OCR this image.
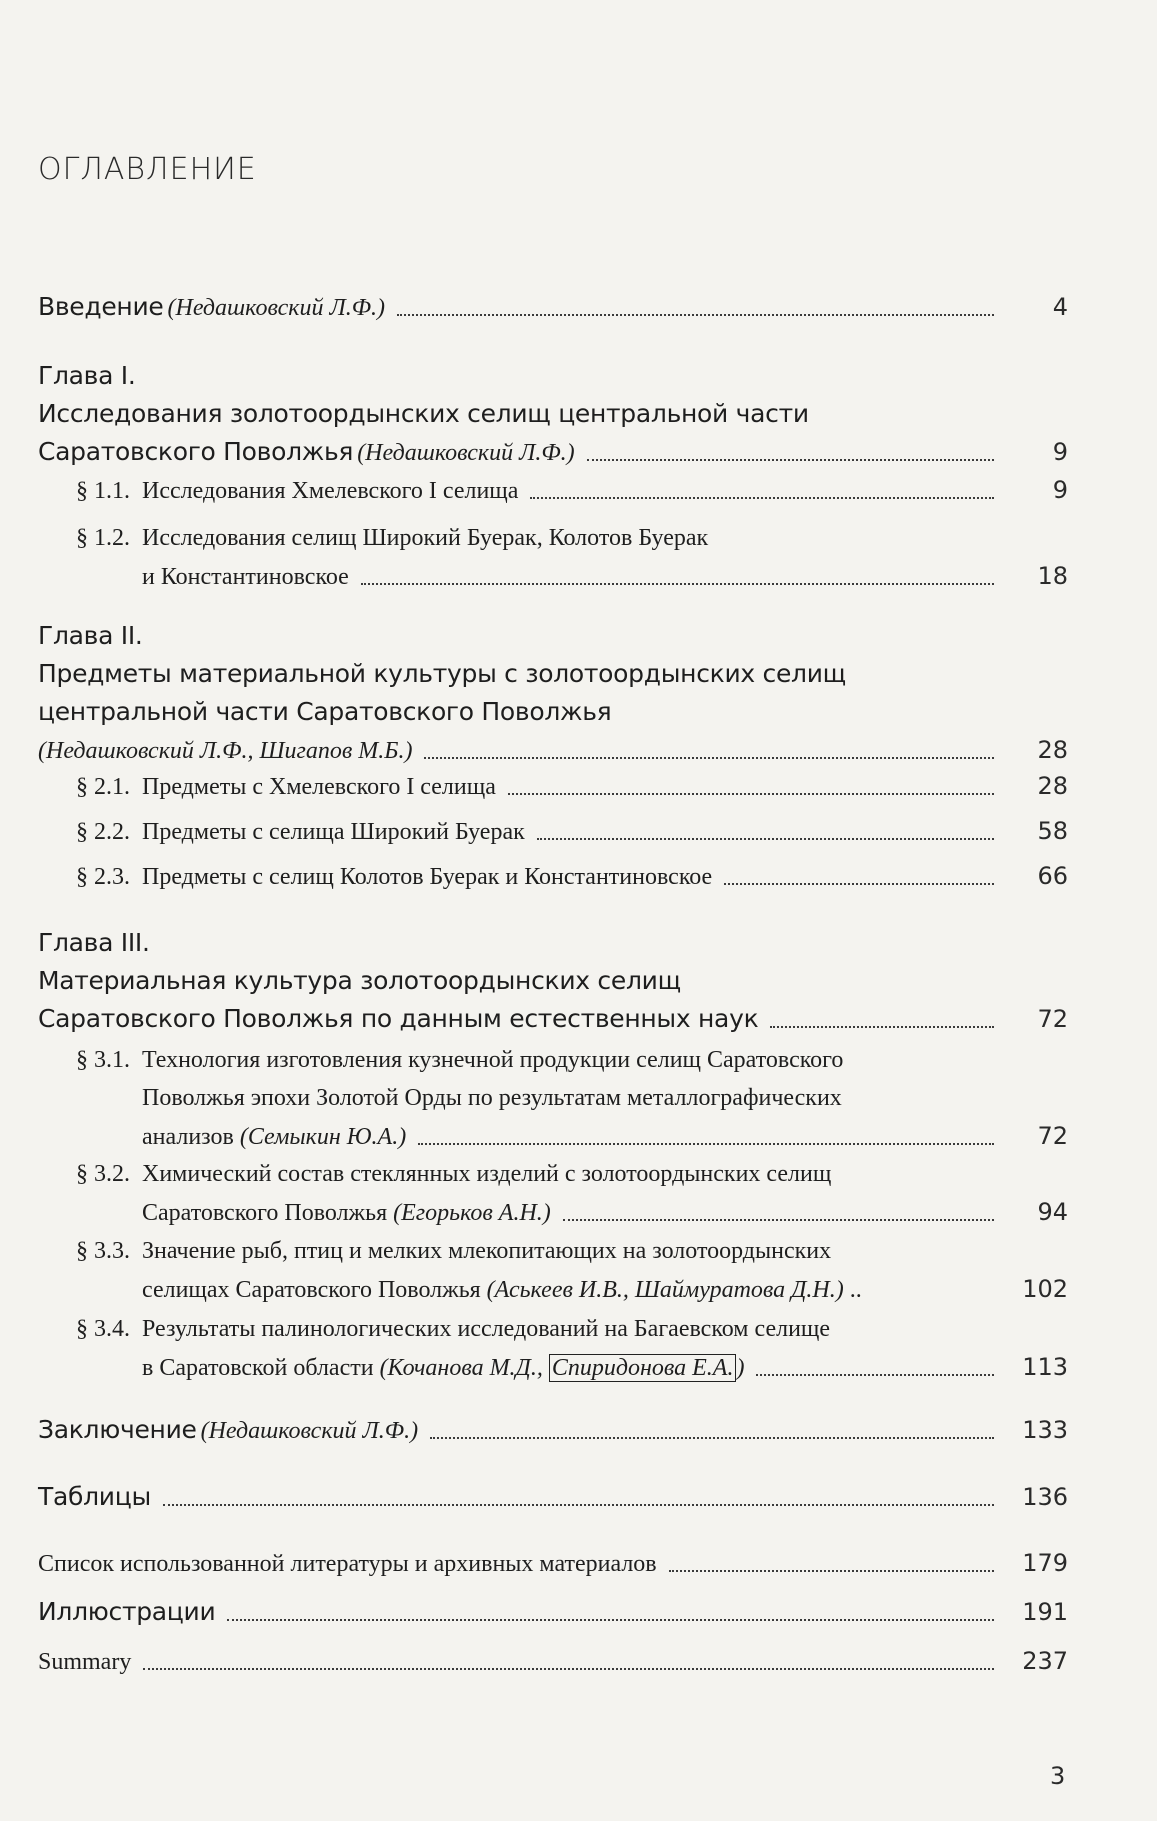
ОГЛАВЛЕНИЕ
Введение (Недашковский Л.Ф.)	4
Глава I.
Исследования золотоордынских селищ центральной части
Саратовского Поволжья (Недашковский Л.Ф.)	9
§ 1.1. Исследования Хмелевского I селища	9
§ 1.2. Исследования селищ Широкий Буерак, Колотов Буерак
и Константиновское	18
Глава II.
Предметы материальной культуры с золотоордынских селищ
центральной части Саратовского Поволжья
(Недашковский Л.Ф., Шигапов М.Б.)	28
§ 2.1. Предметы с Хмелевского I селища	28
§ 2.2. Предметы с селища Широкий Буерак	58
§ 2.3. Предметы с селищ Колотов Буерак и Константиновское	66
Глава III.
Материальная культура золотоордынских селищ
Саратовского Поволжья по данным естественных наук	72
§ 3.1. Технология изготовления кузнечной продукции селищ Саратовского
Поволжья эпохи Золотой Орды по результатам металлографических
анализов (Семыкин Ю.А.)	72
§ 3.2. Химический состав стеклянных изделий с золотоордынских селищ
Саратовского Поволжья (Егорьков А.Н.)	94
§ 3.3. Значение рыб, птиц и мелких млекопитающих на золотоордынских
селищах Саратовского Поволжья (Аськеев И.В., Шаймуратова Д.Н.) ..	102
§ 3.4. Результаты палинологических исследований на Багаевском селище
в Саратовской области (Кочанова М.Д., Спиридонова Е.А. )	113
Заключение (Недашковский Л.Ф.)	133
Таблицы	136
Список использованной литературы и архивных материалов	179
Иллюстрации	191
Summary	237
3
